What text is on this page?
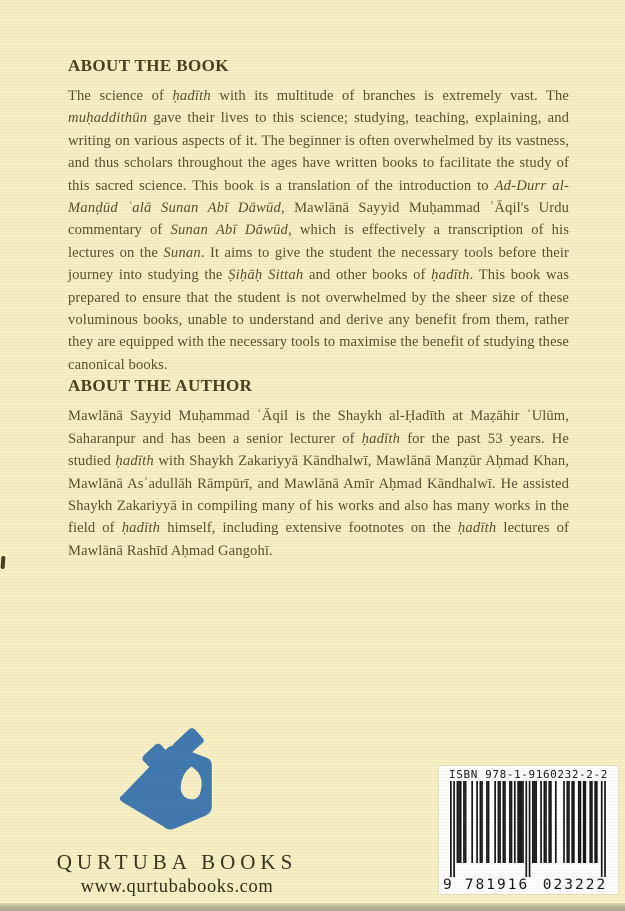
ABOUT THE BOOK

The science of ḥadīth with its multitude of branches is extremely vast. The muḥaddithūn gave their lives to this science; studying, teaching, explaining, and writing on various aspects of it. The beginner is often overwhelmed by its vastness, and thus scholars throughout the ages have written books to facilitate the study of this sacred science. This book is a translation of the introduction to Ad-Durr al-Manḍūd ʿalā Sunan Abī Dāwūd, Mawlānā Sayyid Muḥammad ʿĀqil's Urdu commentary of Sunan Abī Dāwūd, which is effectively a transcription of his lectures on the Sunan. It aims to give the student the necessary tools before their journey into studying the Ṣiḥāḥ Sittah and other books of ḥadīth. This book was prepared to ensure that the student is not overwhelmed by the sheer size of these voluminous books, unable to understand and derive any benefit from them, rather they are equipped with the necessary tools to maximise the benefit of studying these canonical books.

ABOUT THE AUTHOR

Mawlānā Sayyid Muḥammad ʿĀqil is the Shaykh al-Ḥadīth at Maẓāhir ʿUlūm, Saharanpur and has been a senior lecturer of ḥadīth for the past 53 years. He studied ḥadīth with Shaykh Zakariyyā Kāndhalwī, Mawlānā Manẓūr Aḥmad Khan, Mawlānā Asʿadullāh Rāmpūrī, and Mawlānā Amīr Aḥmad Kāndhalwī. He assisted Shaykh Zakariyyā in compiling many of his works and also has many works in the field of ḥadīth himself, including extensive footnotes on the ḥadīth lectures of Mawlānā Rashīd Aḥmad Gangohī.

QURTUBA BOOKS
www.qurtubabooks.com
ISBN 978-1-9160232-2-2
9 781916 023222
